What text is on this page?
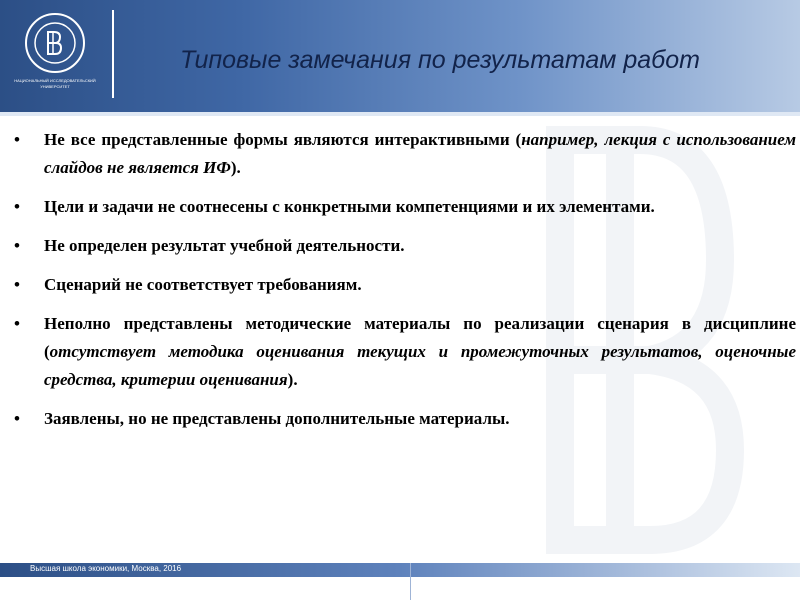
НАЦИОНАЛЬНЫЙ ИССЛЕДОВАТЕЛЬСКИЙ
УНИВЕРСИТЕТ
Типовые замечания по результатам работ
• Не все представленные формы являются интерактивными (например, лекция с использованием слайдов не является ИФ).
• Цели и задачи не соотнесены с конкретными компетенциями и их элементами.
• Не определен результат учебной деятельности.
• Сценарий не соответствует требованиям.
• Неполно представлены методические материалы по реализации сценария в дисциплине (отсутствует методика оценивания текущих и промежуточных результатов, оценочные средства, критерии оценивания).
• Заявлены, но не представлены дополнительные материалы.
Высшая школа экономики, Москва, 2016
